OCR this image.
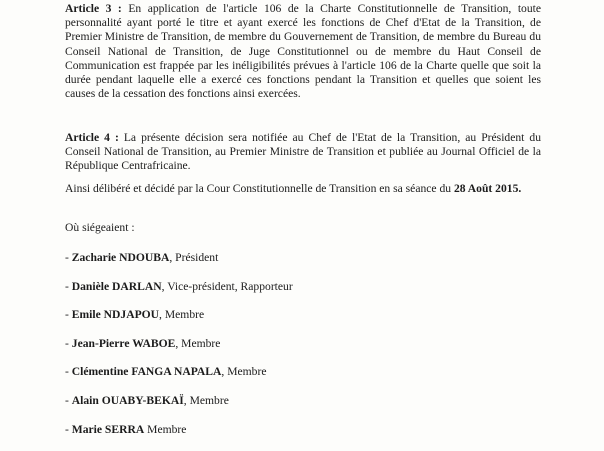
Article 3 : En application de l'article 106 de la Charte Constitutionnelle de Transition, toute personnalité ayant porté le titre et ayant exercé les fonctions de Chef d'Etat de la Transition, de Premier Ministre de Transition, de membre du Gouvernement de Transition, de membre du Bureau du Conseil National de Transition, de Juge Constitutionnel ou de membre du Haut Conseil de Communication est frappée par les inéligibilités prévues à l'article 106 de la Charte quelle que soit la durée pendant laquelle elle a exercé ces fonctions pendant la Transition et quelles que soient les causes de la cessation des fonctions ainsi exercées.

Article 4 : La présente décision sera notifiée au Chef de l'Etat de la Transition, au Président du Conseil National de Transition, au Premier Ministre de Transition et publiée au Journal Officiel de la République Centrafricaine.

Ainsi délibéré et décidé par la Cour Constitutionnelle de Transition en sa séance du 28 Août 2015.

Où siégeaient :
- Zacharie NDOUBA, Président
- Danièle DARLAN, Vice-président, Rapporteur
- Emile NDJAPOU, Membre
- Jean-Pierre WABOE, Membre
- Clémentine FANGA NAPALA, Membre
- Alain OUABY-BEKAÏ, Membre
- Marie SERRA Membre
